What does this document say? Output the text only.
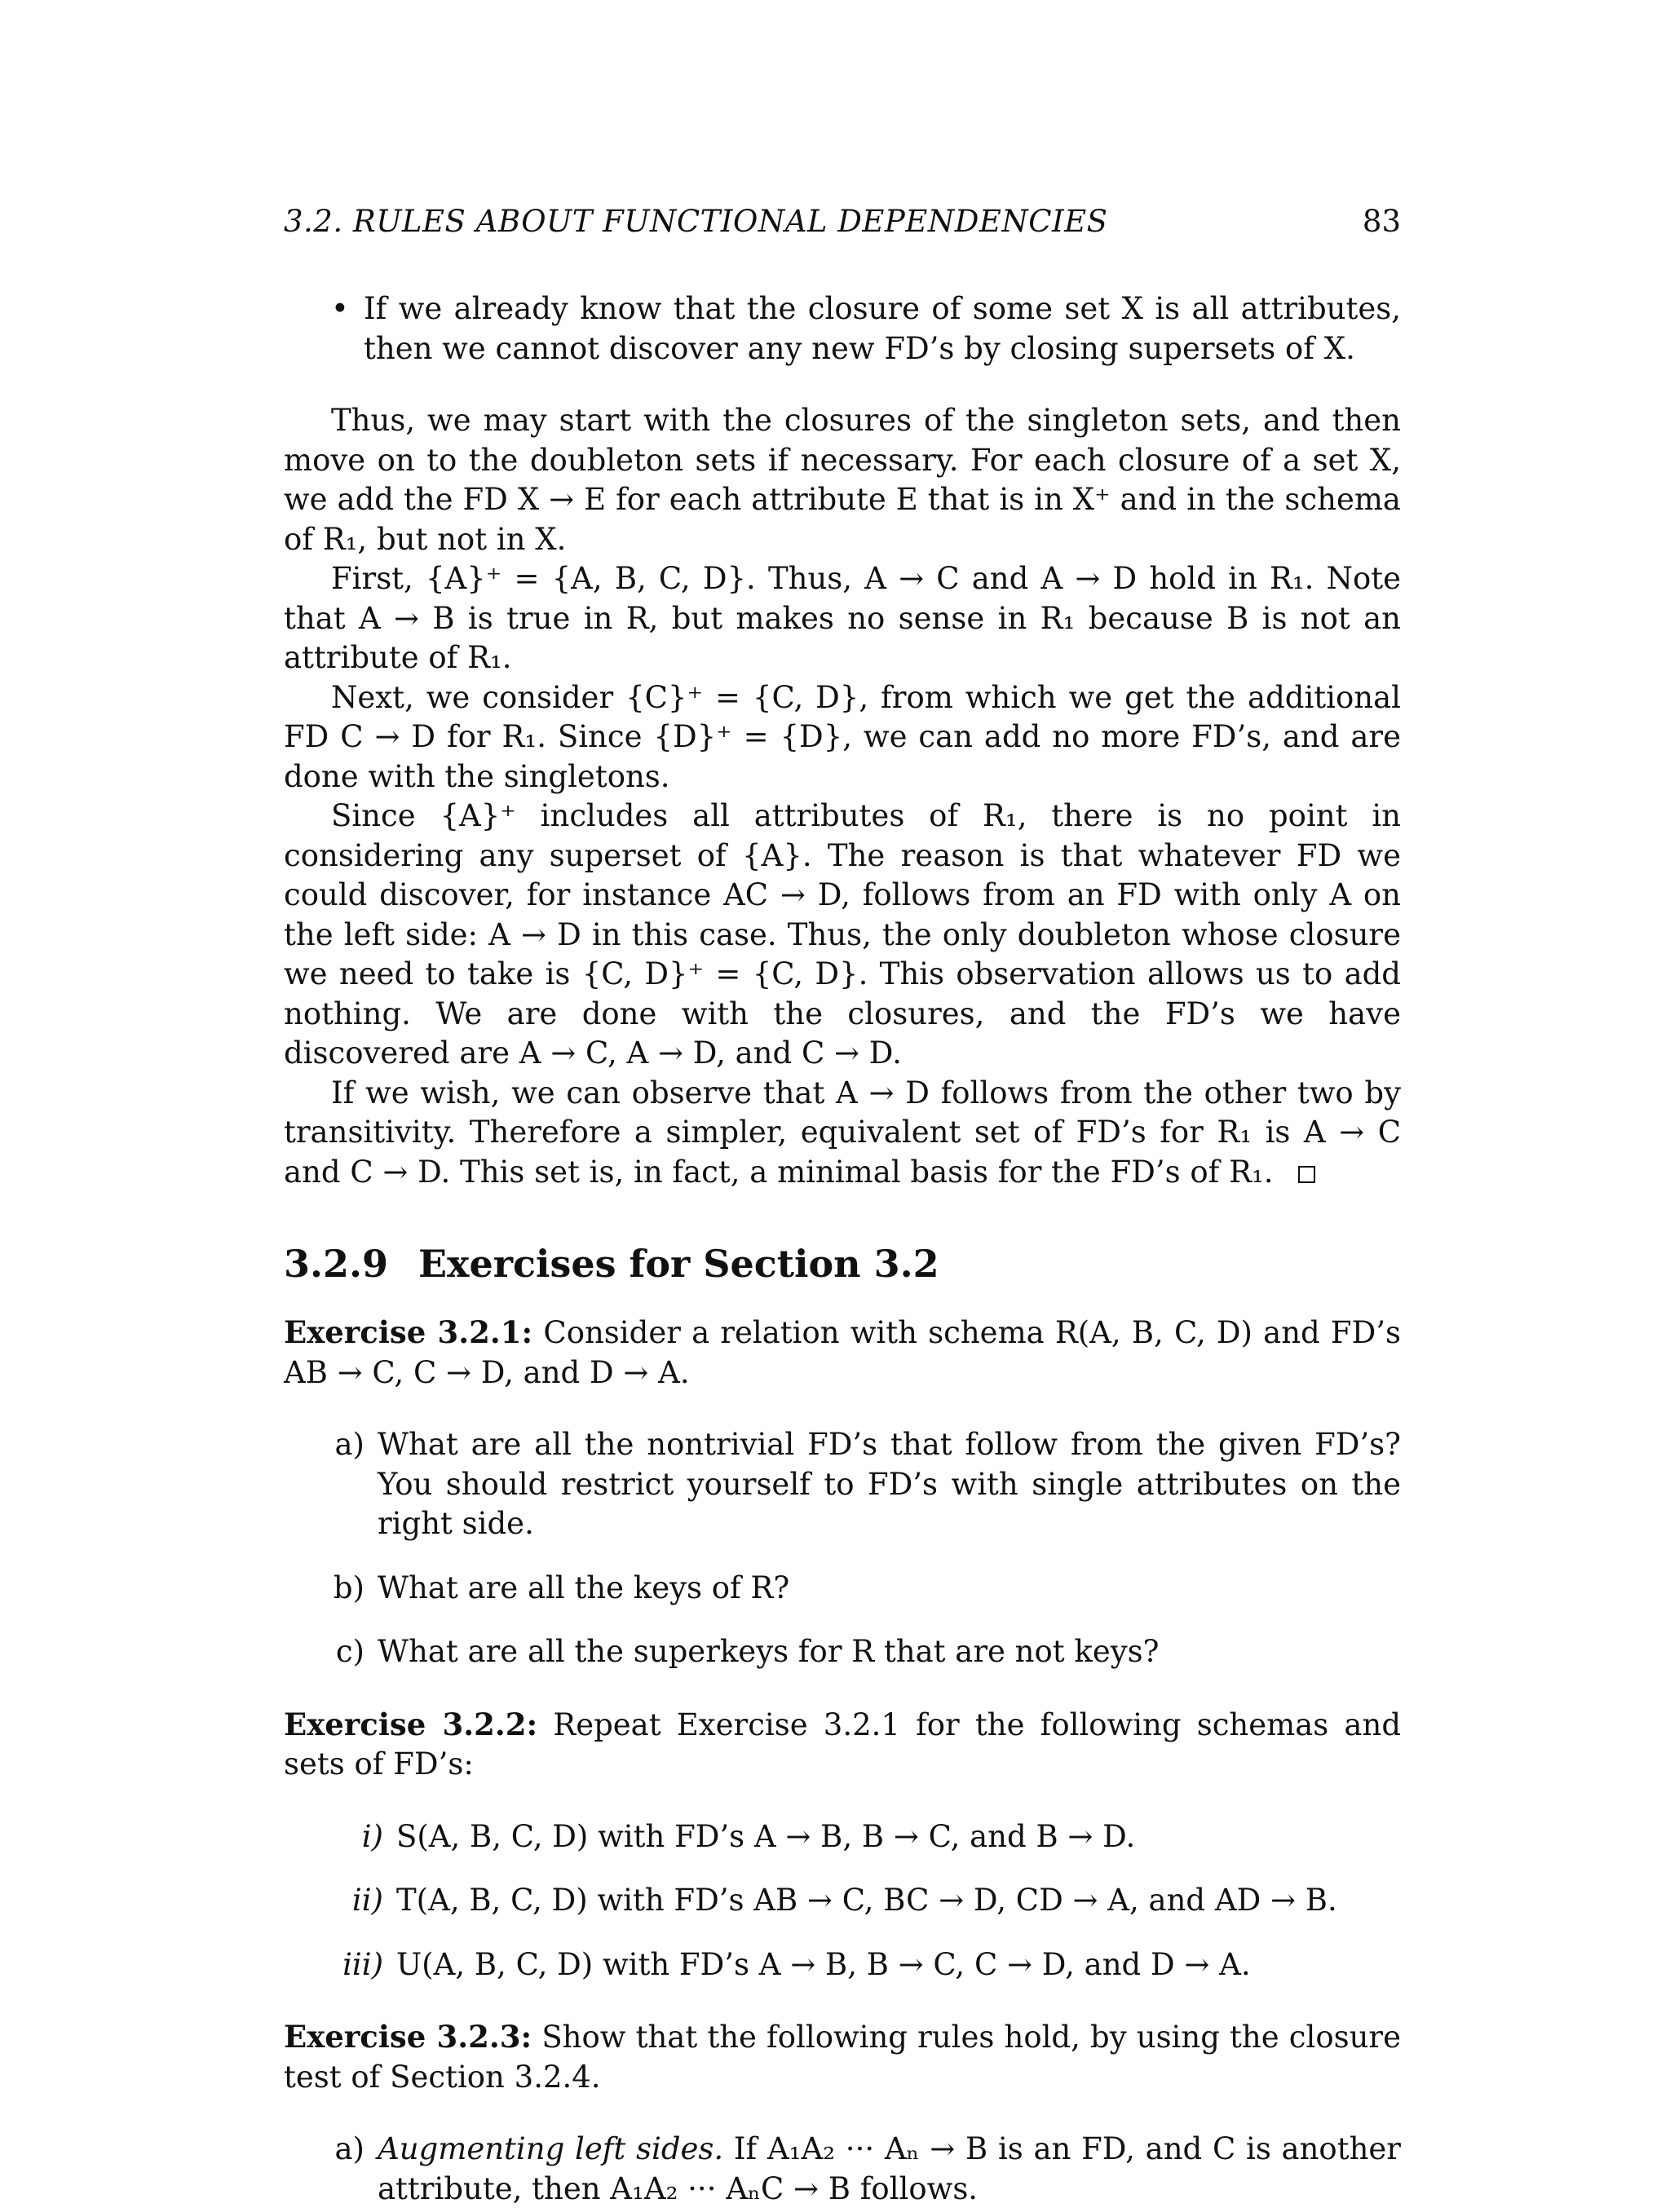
3.2. RULES ABOUT FUNCTIONAL DEPENDENCIES	83
• If we already know that the closure of some set X is all attributes, then we cannot discover any new FD’s by closing supersets of X.

Thus, we may start with the closures of the singleton sets, and then move on to the doubleton sets if necessary. For each closure of a set X, we add the FD X → E for each attribute E that is in X⁺ and in the schema of R₁, but not in X.

First, {A}⁺ = {A, B, C, D}. Thus, A → C and A → D hold in R₁. Note that A → B is true in R, but makes no sense in R₁ because B is not an attribute of R₁.

Next, we consider {C}⁺ = {C, D}, from which we get the additional FD C → D for R₁. Since {D}⁺ = {D}, we can add no more FD’s, and are done with the singletons.

Since {A}⁺ includes all attributes of R₁, there is no point in considering any superset of {A}. The reason is that whatever FD we could discover, for instance AC → D, follows from an FD with only A on the left side: A → D in this case. Thus, the only doubleton whose closure we need to take is {C, D}⁺ = {C, D}. This observation allows us to add nothing. We are done with the closures, and the FD’s we have discovered are A → C, A → D, and C → D.

If we wish, we can observe that A → D follows from the other two by transitivity. Therefore a simpler, equivalent set of FD’s for R₁ is A → C and C → D. This set is, in fact, a minimal basis for the FD’s of R₁.

3.2.9 Exercises for Section 3.2

Exercise 3.2.1: Consider a relation with schema R(A, B, C, D) and FD’s AB → C, C → D, and D → A.

a) What are all the nontrivial FD’s that follow from the given FD’s? You should restrict yourself to FD’s with single attributes on the right side.
b) What are all the keys of R?
c) What are all the superkeys for R that are not keys?

Exercise 3.2.2: Repeat Exercise 3.2.1 for the following schemas and sets of FD’s:

i) S(A, B, C, D) with FD’s A → B, B → C, and B → D.
ii) T(A, B, C, D) with FD’s AB → C, BC → D, CD → A, and AD → B.
iii) U(A, B, C, D) with FD’s A → B, B → C, C → D, and D → A.

Exercise 3.2.3: Show that the following rules hold, by using the closure test of Section 3.2.4.

a) Augmenting left sides. If A₁A₂ ··· Aₙ → B is an FD, and C is another attribute, then A₁A₂ ··· AₙC → B follows.
